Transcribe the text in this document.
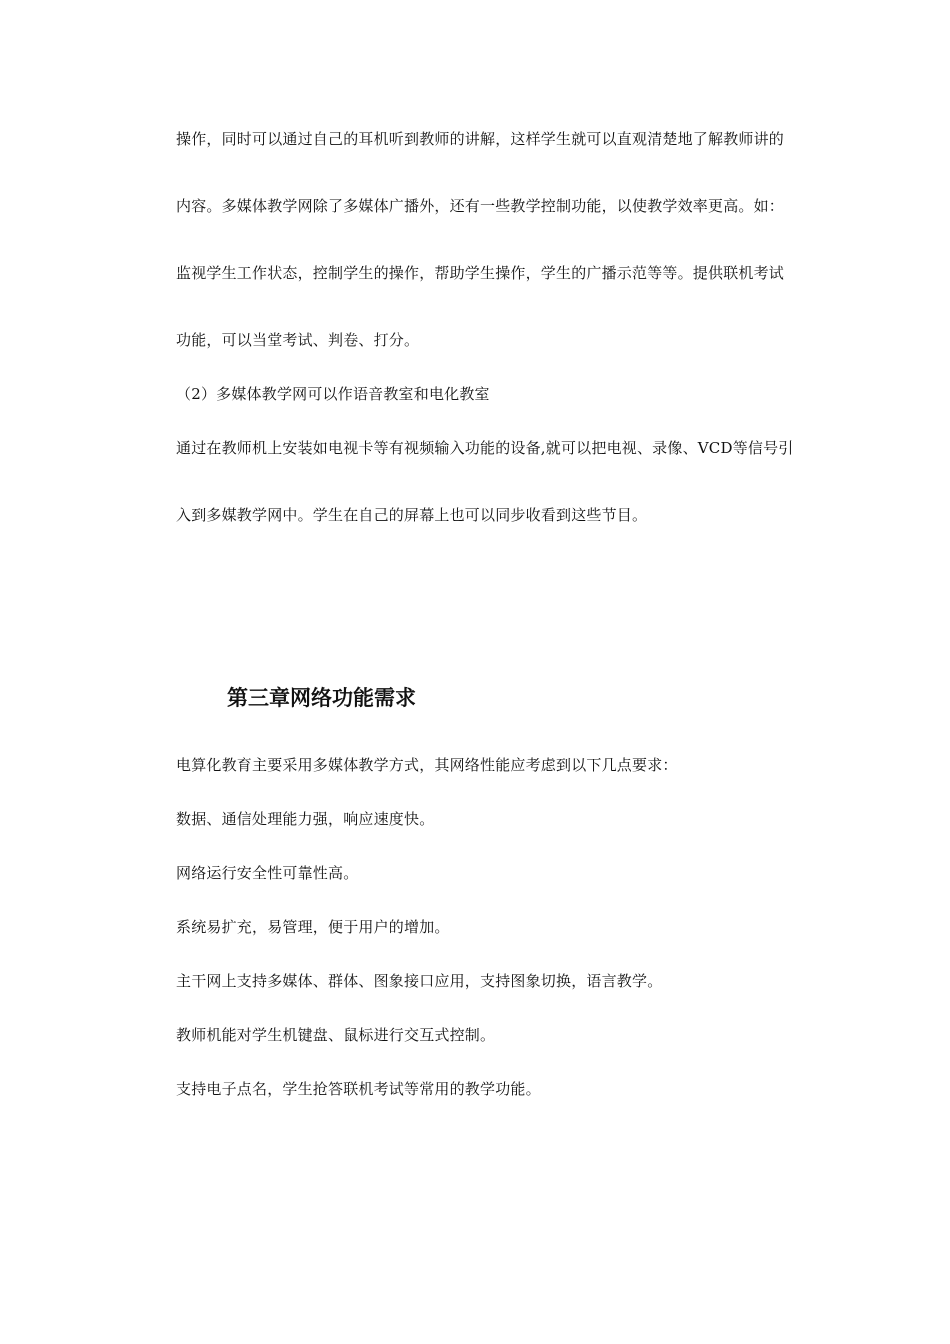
操作，同时可以通过自己的耳机听到教师的讲解，这样学生就可以直观清楚地了解教师讲的
内容。多媒体教学网除了多媒体广播外，还有一些教学控制功能，以使教学效率更高。如：
监视学生工作状态，控制学生的操作，帮助学生操作，学生的广播示范等等。提供联机考试
功能，可以当堂考试、判卷、打分。
（2）多媒体教学网可以作语音教室和电化教室
通过在教师机上安装如电视卡等有视频输入功能的设备,就可以把电视、录像、VCD等信号引
入到多媒教学网中。学生在自己的屏幕上也可以同步收看到这些节目。
第三章网络功能需求
电算化教育主要采用多媒体教学方式，其网络性能应考虑到以下几点要求：
数据、通信处理能力强，响应速度快。
网络运行安全性可靠性高。
系统易扩充，易管理，便于用户的增加。
主干网上支持多媒体、群体、图象接口应用，支持图象切换，语言教学。
教师机能对学生机键盘、鼠标进行交互式控制。
支持电子点名，学生抢答联机考试等常用的教学功能。
